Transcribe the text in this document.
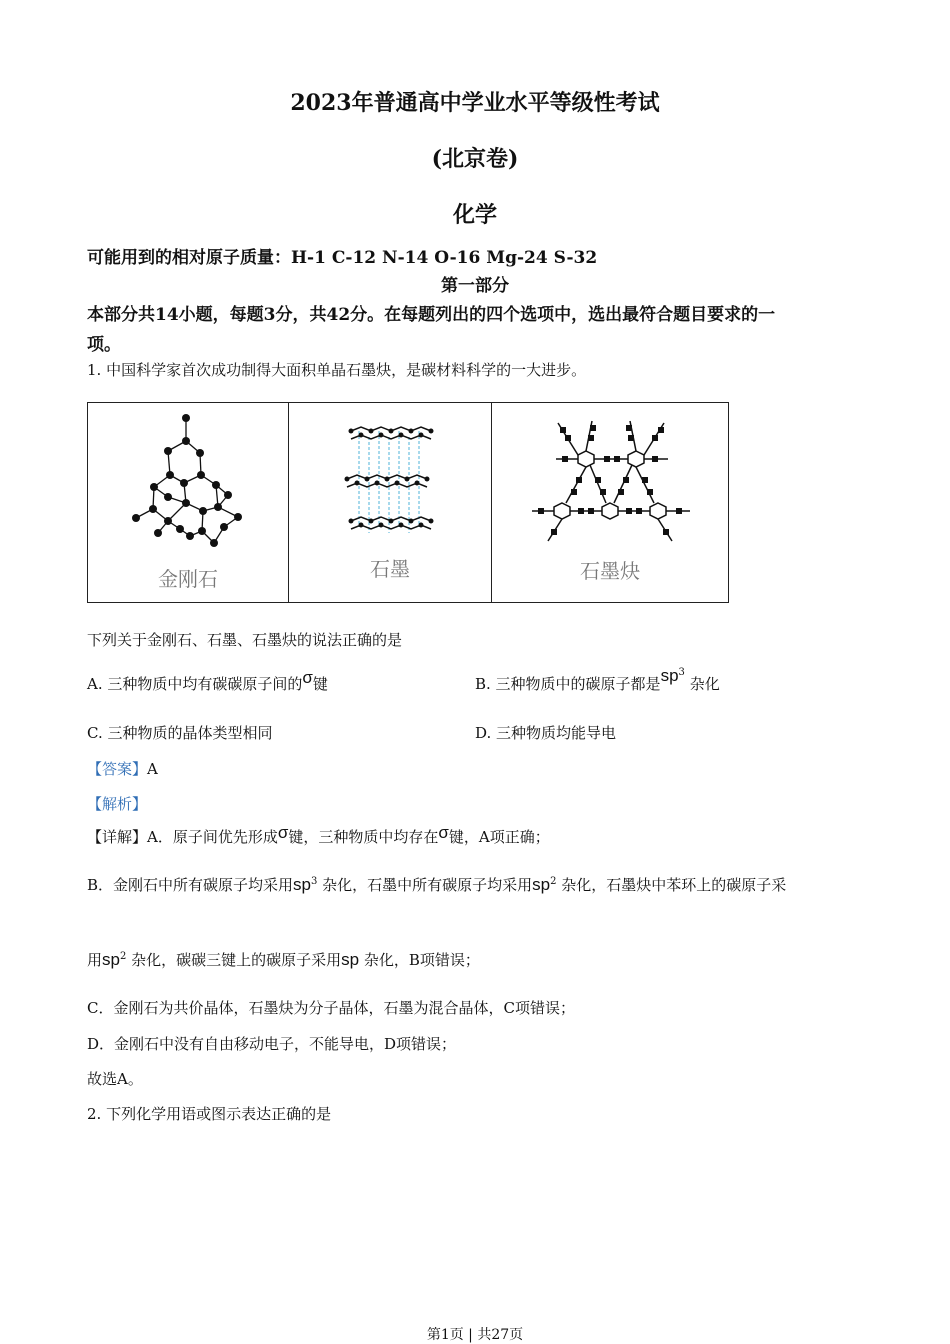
2023年普通高中学业水平等级性考试
(北京卷)
化学
可能用到的相对原子质量：H-1 C-12 N-14 O-16 Mg-24 S-32
第一部分
本部分共14小题，每题3分，共42分。在每题列出的四个选项中，选出最符合题目要求的一
项。
1. 中国科学家首次成功制得大面积单晶石墨炔，是碳材料科学的一大进步。
金刚石	石墨	石墨炔
下列关于金刚石、石墨、石墨炔的说法正确的是
A. 三种物质中均有碳碳原子间的σ键	B. 三种物质中的碳原子都是$sp^3$ 杂化
C. 三种物质的晶体类型相同	D. 三种物质均能导电
【答案】A
【解析】
【详解】A．原子间优先形成σ键，三种物质中均存在σ键，A项正确；
B．金刚石中所有碳原子均采用$sp^3$ 杂化，石墨中所有碳原子均采用$sp^2$ 杂化，石墨炔中苯环上的碳原子采
用$sp^2$ 杂化，碳碳三键上的碳原子采用sp 杂化，B项错误；
C．金刚石为共价晶体，石墨炔为分子晶体，石墨为混合晶体，C项错误；
D．金刚石中没有自由移动电子，不能导电，D项错误；
故选A。
2. 下列化学用语或图示表达正确的是
第1页 | 共27页
